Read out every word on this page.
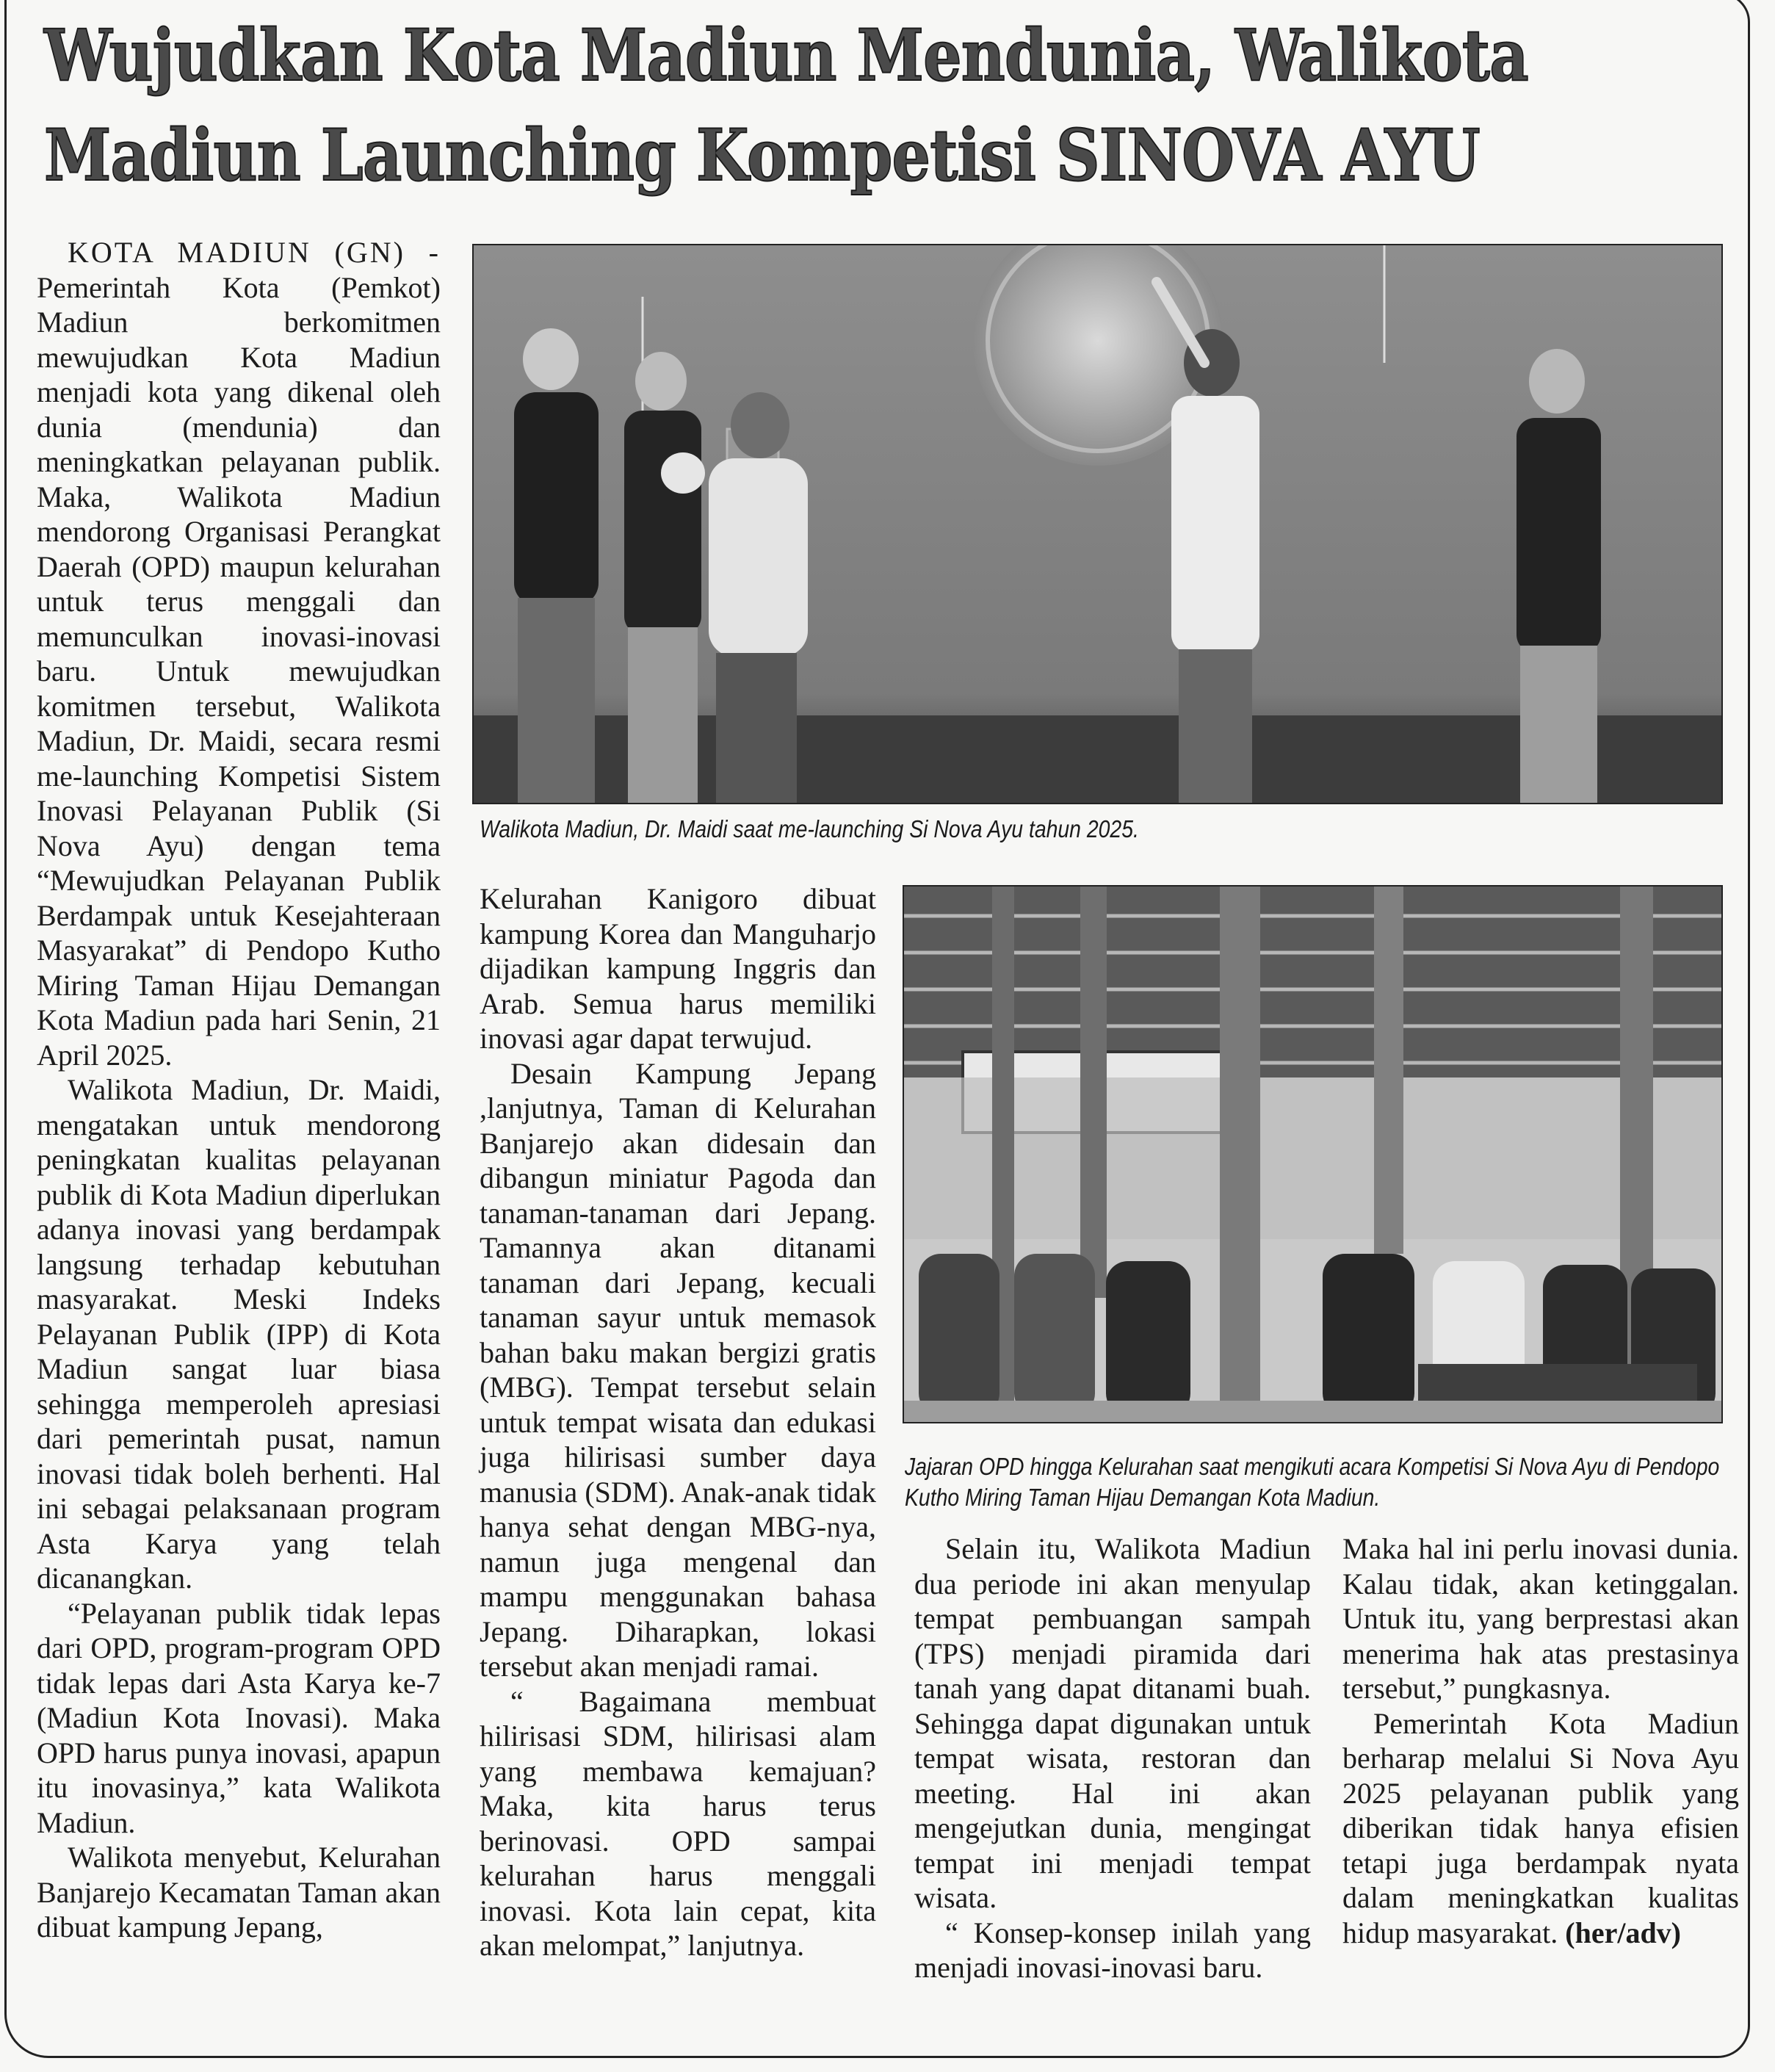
Wujudkan Kota Madiun Mendunia, Walikota
Madiun Launching Kompetisi SINOVA AYU

KOTA MADIUN (GN) - Pemerintah Kota (Pemkot) Madiun berkomitmen mewujudkan Kota Madiun menjadi kota yang dikenal oleh dunia (mendunia) dan meningkatkan pelayanan publik. Maka, Walikota Madiun mendorong Organisasi Perangkat Daerah (OPD) maupun kelurahan untuk terus menggali dan memunculkan inovasi-inovasi baru. Untuk mewujudkan komitmen tersebut, Walikota Madiun, Dr. Maidi, secara resmi me-launching Kompetisi Sistem Inovasi Pelayanan Publik (Si Nova Ayu) dengan tema “Mewujudkan Pelayanan Publik Berdampak untuk Kesejahteraan Masyarakat” di Pendopo Kutho Miring Taman Hijau Demangan Kota Madiun pada hari Senin, 21 April 2025.

Walikota Madiun, Dr. Maidi, mengatakan untuk mendorong peningkatan kualitas pelayanan publik di Kota Madiun diperlukan adanya inovasi yang berdampak langsung terhadap kebutuhan masyarakat. Meski Indeks Pelayanan Publik (IPP) di Kota Madiun sangat luar biasa sehingga memperoleh apresiasi dari pemerintah pusat, namun inovasi tidak boleh berhenti. Hal ini sebagai pelaksanaan program Asta Karya yang telah dicanangkan.

“Pelayanan publik tidak lepas dari OPD, program-program OPD tidak lepas dari Asta Karya ke-7 (Madiun Kota Inovasi). Maka OPD harus punya inovasi, apapun itu inovasinya,” kata Walikota Madiun.

Walikota menyebut, Kelurahan Banjarejo Kecamatan Taman akan dibuat kampung Jepang,

Walikota Madiun, Dr. Maidi saat me-launching Si Nova Ayu tahun 2025.

Kelurahan Kanigoro dibuat kampung Korea dan Manguharjo dijadikan kampung Inggris dan Arab. Semua harus memiliki inovasi agar dapat terwujud.

Desain Kampung Jepang ,lanjutnya, Taman di Kelurahan Banjarejo akan didesain dan dibangun miniatur Pagoda dan tanaman-tanaman dari Jepang. Tamannya akan ditanami tanaman dari Jepang, kecuali tanaman sayur untuk memasok bahan baku makan bergizi gratis (MBG). Tempat tersebut selain untuk tempat wisata dan edukasi juga hilirisasi sumber daya manusia (SDM). Anak-anak tidak hanya sehat dengan MBG-nya, namun juga mengenal dan mampu menggunakan bahasa Jepang. Diharapkan, lokasi tersebut akan menjadi ramai.

“ Bagaimana membuat hilirisasi SDM, hilirisasi alam yang membawa kemajuan? Maka, kita harus terus berinovasi. OPD sampai kelurahan harus menggali inovasi. Kota lain cepat, kita akan melompat,” lanjutnya.

Jajaran OPD hingga Kelurahan saat mengikuti acara Kompetisi Si Nova Ayu di Pendopo Kutho Miring Taman Hijau Demangan Kota Madiun.

Selain itu, Walikota Madiun dua periode ini akan menyulap tempat pembuangan sampah (TPS) menjadi piramida dari tanah yang dapat ditanami buah. Sehingga dapat digunakan untuk tempat wisata, restoran dan meeting. Hal ini akan mengejutkan dunia, mengingat tempat ini menjadi tempat wisata.

“ Konsep-konsep inilah yang menjadi inovasi-inovasi baru.

Maka hal ini perlu inovasi dunia. Kalau tidak, akan ketinggalan. Untuk itu, yang berprestasi akan menerima hak atas prestasinya tersebut,” pungkasnya.

Pemerintah Kota Madiun berharap melalui Si Nova Ayu 2025 pelayanan publik yang diberikan tidak hanya efisien tetapi juga berdampak nyata dalam meningkatkan kualitas hidup masyarakat. (her/adv)
